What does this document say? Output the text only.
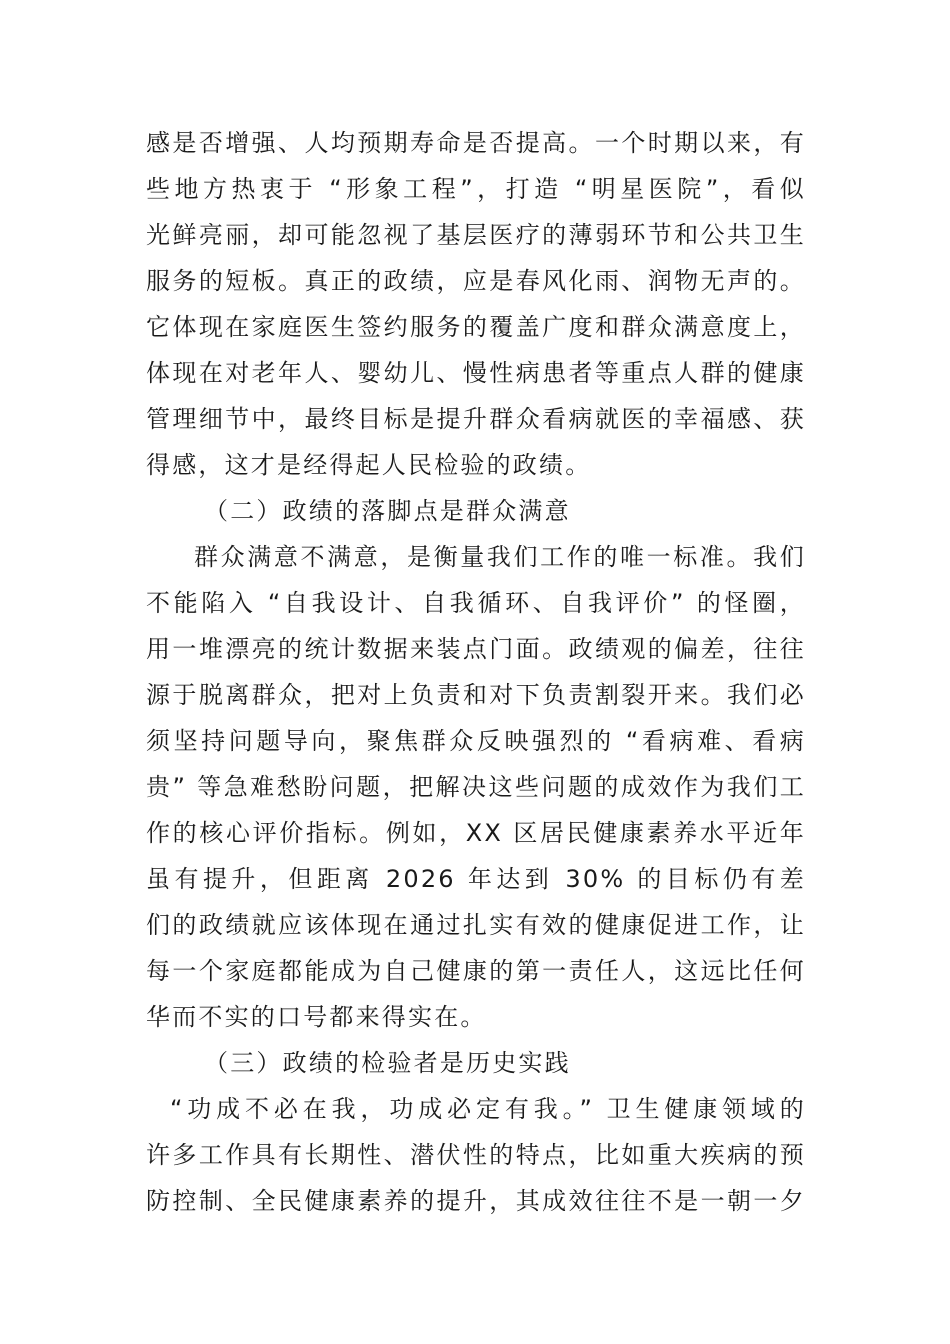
感是否增强、人均预期寿命是否提高。一个时期以来，有
些地方热衷于 “形象工程”，打造 “明星医院”，看似
光鲜亮丽，却可能忽视了基层医疗的薄弱环节和公共卫生
服务的短板。真正的政绩，应是春风化雨、润物无声的。
它体现在家庭医生签约服务的覆盖广度和群众满意度上，
体现在对老年人、婴幼儿、慢性病患者等重点人群的健康
管理细节中，最终目标是提升群众看病就医的幸福感、获
得感，这才是经得起人民检验的政绩。
（二）政绩的落脚点是群众满意
群众满意不满意，是衡量我们工作的唯一标准。我们
不能陷入 “自我设计、自我循环、自我评价” 的怪圈，
用一堆漂亮的统计数据来装点门面。政绩观的偏差，往往
源于脱离群众，把对上负责和对下负责割裂开来。我们必
须坚持问题导向，聚焦群众反映强烈的 “看病难、看病
贵” 等急难愁盼问题，把解决这些问题的成效作为我们工
作的核心评价指标。例如，XX 区居民健康素养水平近年
虽有提升，但距离 2026 年达到 30% 的目标仍有差
们的政绩就应该体现在通过扎实有效的健康促进工作，让
每一个家庭都能成为自己健康的第一责任人，这远比任何
华而不实的口号都来得实在。
（三）政绩的检验者是历史实践
“功成不必在我，功成必定有我。” 卫生健康领域的
许多工作具有长期性、潜伏性的特点，比如重大疾病的预
防控制、全民健康素养的提升，其成效往往不是一朝一夕
